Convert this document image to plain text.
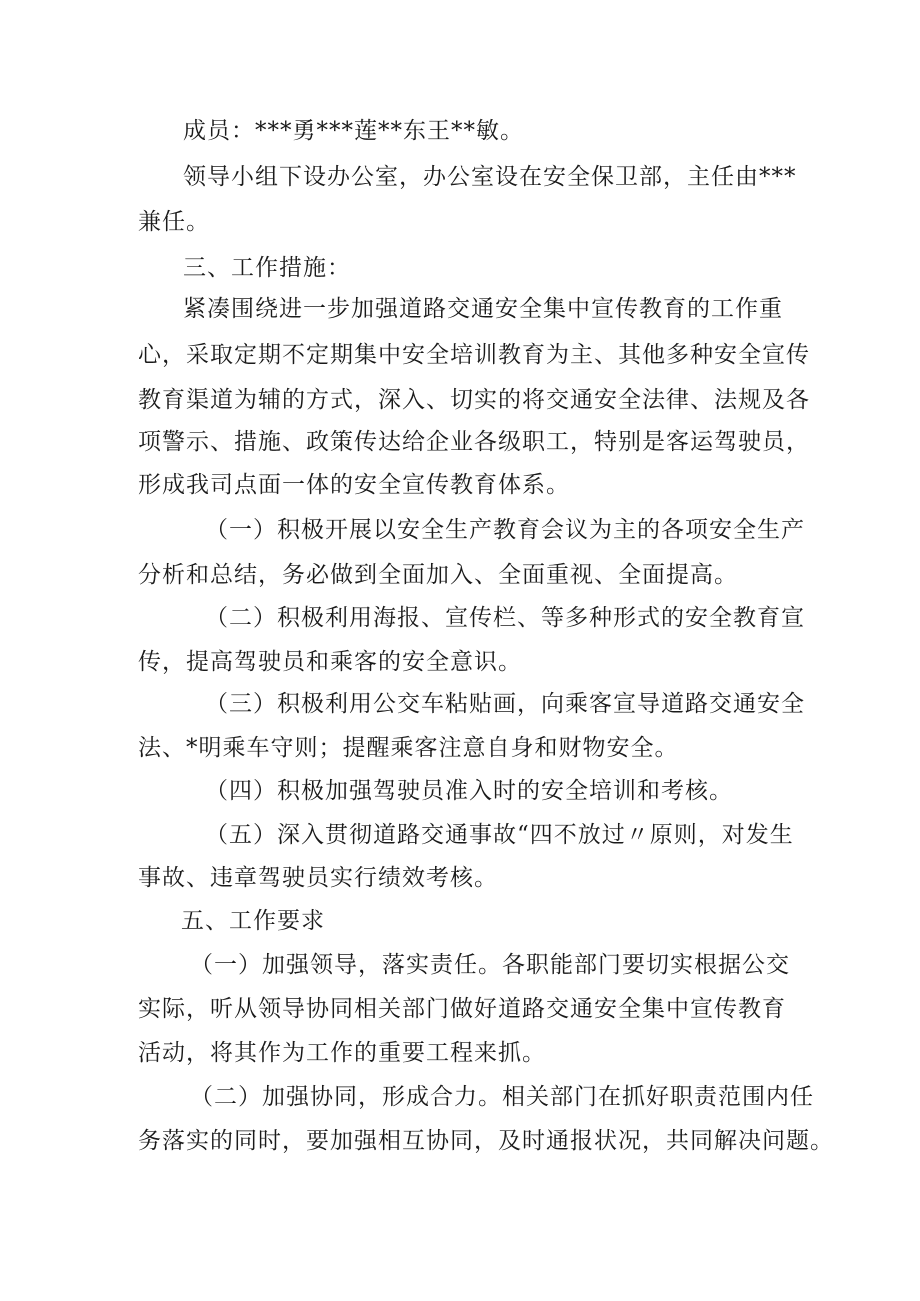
成员：***勇***莲**东王**敏。
领导小组下设办公室，办公室设在安全保卫部，主任由***
兼任。
三、工作措施：
紧凑围绕进一步加强道路交通安全集中宣传教育的工作重
心，采取定期不定期集中安全培训教育为主、其他多种安全宣传
教育渠道为辅的方式，深入、切实的将交通安全法律、法规及各
项警示、措施、政策传达给企业各级职工，特别是客运驾驶员，
形成我司点面一体的安全宣传教育体系。
（一）积极开展以安全生产教育会议为主的各项安全生产
分析和总结，务必做到全面加入、全面重视、全面提高。
（二）积极利用海报、宣传栏、等多种形式的安全教育宣
传，提高驾驶员和乘客的安全意识。
（三）积极利用公交车粘贴画，向乘客宣导道路交通安全
法、*明乘车守则；提醒乘客注意自身和财物安全。
（四）积极加强驾驶员准入时的安全培训和考核。
（五）深入贯彻道路交通事故“四不放过〃原则，对发生
事故、违章驾驶员实行绩效考核。
五、工作要求
（一）加强领导，落实责任。各职能部门要切实根据公交
实际，听从领导协同相关部门做好道路交通安全集中宣传教育
活动，将其作为工作的重要工程来抓。
（二）加强协同，形成合力。相关部门在抓好职责范围内任
务落实的同时，要加强相互协同，及时通报状况，共同解决问题。
